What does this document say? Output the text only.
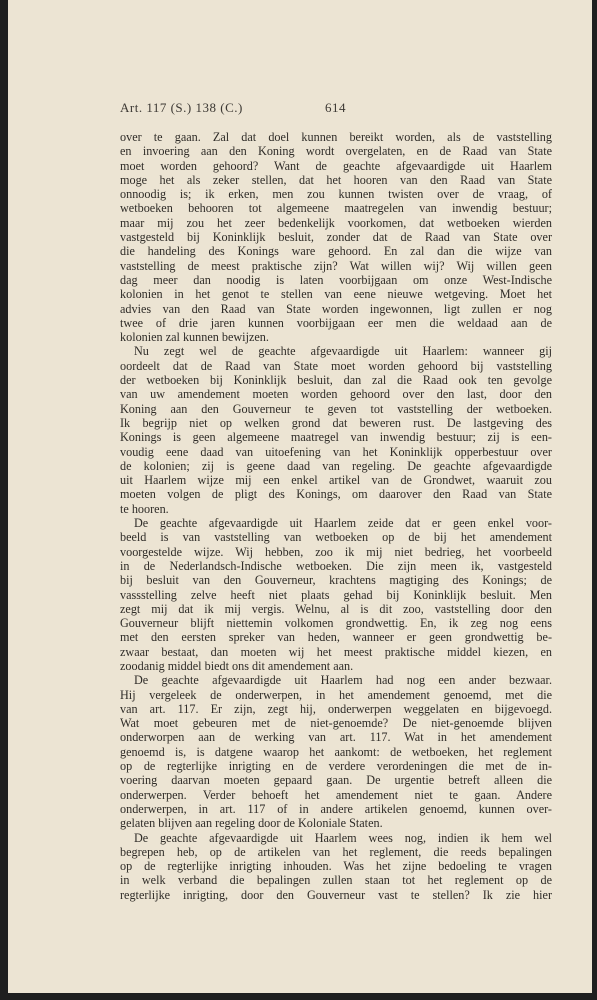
Art. 117 (S.) 138 (C.)	614
over te gaan. Zal dat doel kunnen bereikt worden, als de vaststelling
en invoering aan den Koning wordt overgelaten, en de Raad van State
moet worden gehoord? Want de geachte afgevaardigde uit Haarlem
moge het als zeker stellen, dat het hooren van den Raad van State
onnoodig is; ik erken, men zou kunnen twisten over de vraag, of
wetboeken behooren tot algemeene maatregelen van inwendig bestuur;
maar mij zou het zeer bedenkelijk voorkomen, dat wetboeken wierden
vastgesteld bij Koninklijk besluit, zonder dat de Raad van State over
die handeling des Konings ware gehoord. En zal dan die wijze van
vaststelling de meest praktische zijn? Wat willen wij? Wij willen geen
dag meer dan noodig is laten voorbijgaan om onze West-Indische
kolonien in het genot te stellen van eene nieuwe wetgeving. Moet het
advies van den Raad van State worden ingewonnen, ligt zullen er nog
twee of drie jaren kunnen voorbijgaan eer men die weldaad aan de
kolonien zal kunnen bewijzen.
Nu zegt wel de geachte afgevaardigde uit Haarlem: wanneer gij
oordeelt dat de Raad van State moet worden gehoord bij vaststelling
der wetboeken bij Koninklijk besluit, dan zal die Raad ook ten gevolge
van uw amendement moeten worden gehoord over den last, door den
Koning aan den Gouverneur te geven tot vaststelling der wetboeken.
Ik begrijp niet op welken grond dat beweren rust. De lastgeving des
Konings is geen algemeene maatregel van inwendig bestuur; zij is een-
voudig eene daad van uitoefening van het Koninklijk opperbestuur over
de kolonien; zij is geene daad van regeling. De geachte afgevaardigde
uit Haarlem wijze mij een enkel artikel van de Grondwet, waaruit zou
moeten volgen de pligt des Konings, om daarover den Raad van State
te hooren.
De geachte afgevaardigde uit Haarlem zeide dat er geen enkel voor-
beeld is van vaststelling van wetboeken op de bij het amendement
voorgestelde wijze. Wij hebben, zoo ik mij niet bedrieg, het voorbeeld
in de Nederlandsch-Indische wetboeken. Die zijn meen ik, vastgesteld
bij besluit van den Gouverneur, krachtens magtiging des Konings; de
vassstelling zelve heeft niet plaats gehad bij Koninklijk besluit. Men
zegt mij dat ik mij vergis. Welnu, al is dit zoo, vaststelling door den
Gouverneur blijft niettemin volkomen grondwettig. En, ik zeg nog eens
met den eersten spreker van heden, wanneer er geen grondwettig be-
zwaar bestaat, dan moeten wij het meest praktische middel kiezen, en
zoodanig middel biedt ons dit amendement aan.
De geachte afgevaardigde uit Haarlem had nog een ander bezwaar.
Hij vergeleek de onderwerpen, in het amendement genoemd, met die
van art. 117. Er zijn, zegt hij, onderwerpen weggelaten en bijgevoegd.
Wat moet gebeuren met de niet-genoemde? De niet-genoemde blijven
onderworpen aan de werking van art. 117. Wat in het amendement
genoemd is, is datgene waarop het aankomt: de wetboeken, het reglement
op de regterlijke inrigting en de verdere verordeningen die met de in-
voering daarvan moeten gepaard gaan. De urgentie betreft alleen die
onderwerpen. Verder behoeft het amendement niet te gaan. Andere
onderwerpen, in art. 117 of in andere artikelen genoemd, kunnen over-
gelaten blijven aan regeling door de Koloniale Staten.
De geachte afgevaardigde uit Haarlem wees nog, indien ik hem wel
begrepen heb, op de artikelen van het reglement, die reeds bepalingen
op de regterlijke inrigting inhouden. Was het zijne bedoeling te vragen
in welk verband die bepalingen zullen staan tot het reglement op de
regterlijke inrigting, door den Gouverneur vast te stellen? Ik zie hier
